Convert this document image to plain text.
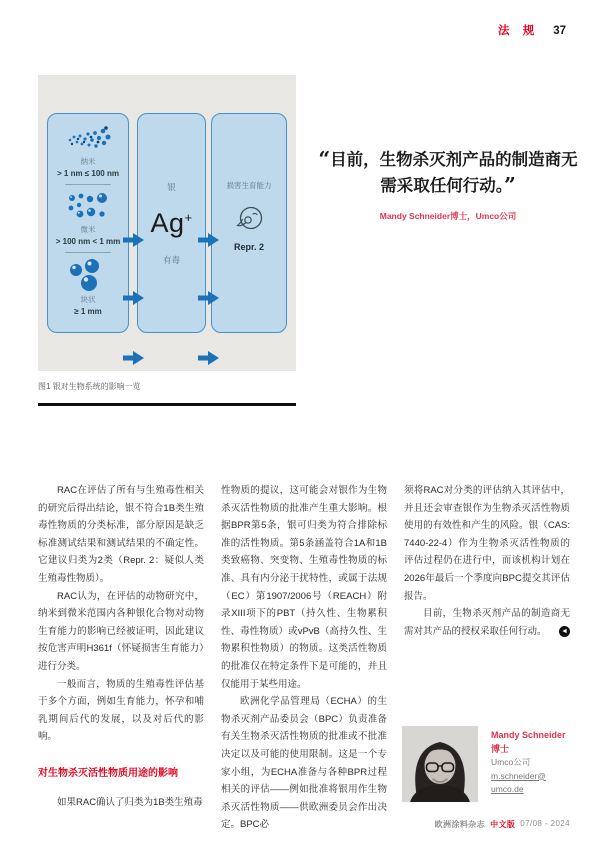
法 规 37
纳米
> 1 nm ≤ 100 nm
微米
> 100 nm < 1 mm
块状
≥ 1 mm
银
Ag+
有毒
损害生育能力
Repr. 2
图1 银对生物系统的影响一览
“目前，生物杀灭剂产品的制造商无需采取任何行动。”
Mandy Schneider博士，Umco公司

RAC在评估了所有与生殖毒性相关的研究后得出结论，银不符合1B类生殖毒性物质的分类标准，部分原因是缺乏标准测试结果和测试结果的不确定性。它建议归类为2类（Repr. 2：疑似人类生殖毒性物质）。

RAC认为，在评估的动物研究中，纳米到微米范围内各种银化合物对动物生育能力的影响已经被证明，因此建议按危害声明H361f（怀疑损害生育能力）进行分类。

一般而言，物质的生殖毒性评估基于多个方面，例如生育能力，怀孕和哺乳期间后代的发展，以及对后代的影响。

对生物杀灭活性物质用途的影响

如果RAC确认了归类为1B类生殖毒

性物质的提议，这可能会对银作为生物杀灭活性物质的批准产生重大影响。根据BPR第5条，银可归类为符合排除标准的活性物质。第5条涵盖符合1A和1B类致癌物、突变物、生殖毒性物质的标准、具有内分泌干扰特性，或属于法规（EC）第1907/2006号（REACH）附录XIII项下的PBT（持久性、生物累积性、毒性物质）或vPvB（高持久性、生物累积性物质）的物质。这类活性物质的批准仅在特定条件下是可能的，并且仅能用于某些用途。

欧洲化学品管理局（ECHA）的生物杀灭剂产品委员会（BPC）负责准备有关生物杀灭活性物质的批准或不批准决定以及可能的使用限制。这是一个专家小组，为ECHA准备与各种BPR过程相关的评估——例如批准将银用作生物杀灭活性物质——供欧洲委员会作出决定。BPC必

须将RAC对分类的评估纳入其评估中，并且还会审查银作为生物杀灭活性物质使用的有效性和产生的风险。银（CAS: 7440-22-4）作为生物杀灭活性物质的评估过程仍在进行中，而该机构计划在2026年最后一个季度向BPC提交其评估报告。

目前，生物杀灭剂产品的制造商无需对其产品的授权采取任何行动。 ◄

Mandy Schneider
博士
Umco公司
m.schneider@
umco.de
欧洲涂料杂志 中文版 07/08 - 2024
